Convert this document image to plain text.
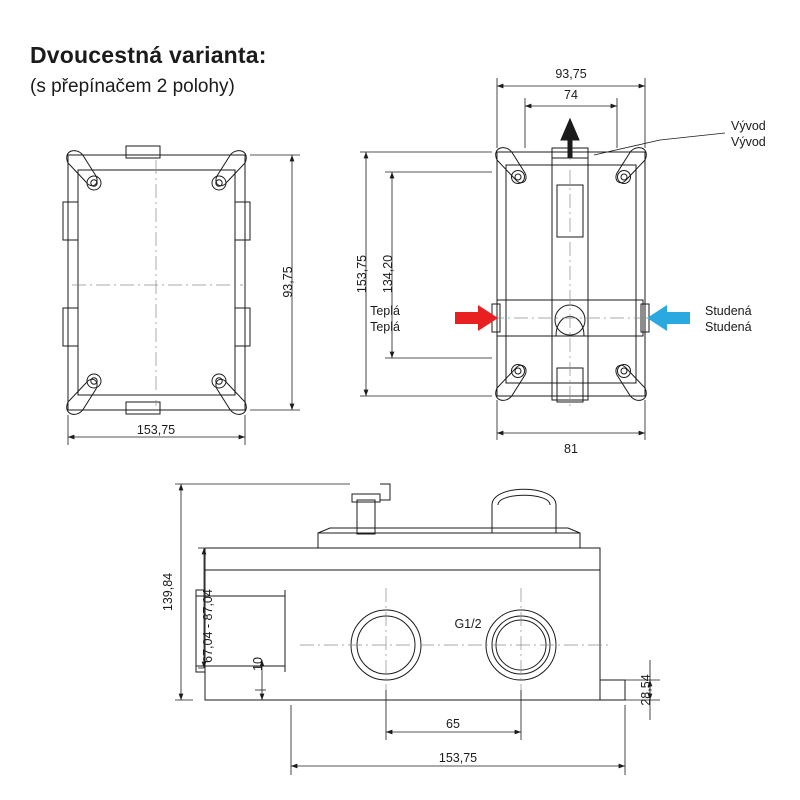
Dvoucestná varianta:
(s přepínačem 2 polohy)
93,75
153,75
93,75
74
153,75 134,20
81
Vývod
Vývod
Teplá
Teplá
Studená
Studená
139,84 67,04 - 87,04
10
28,54
65
153,75
G1/2
